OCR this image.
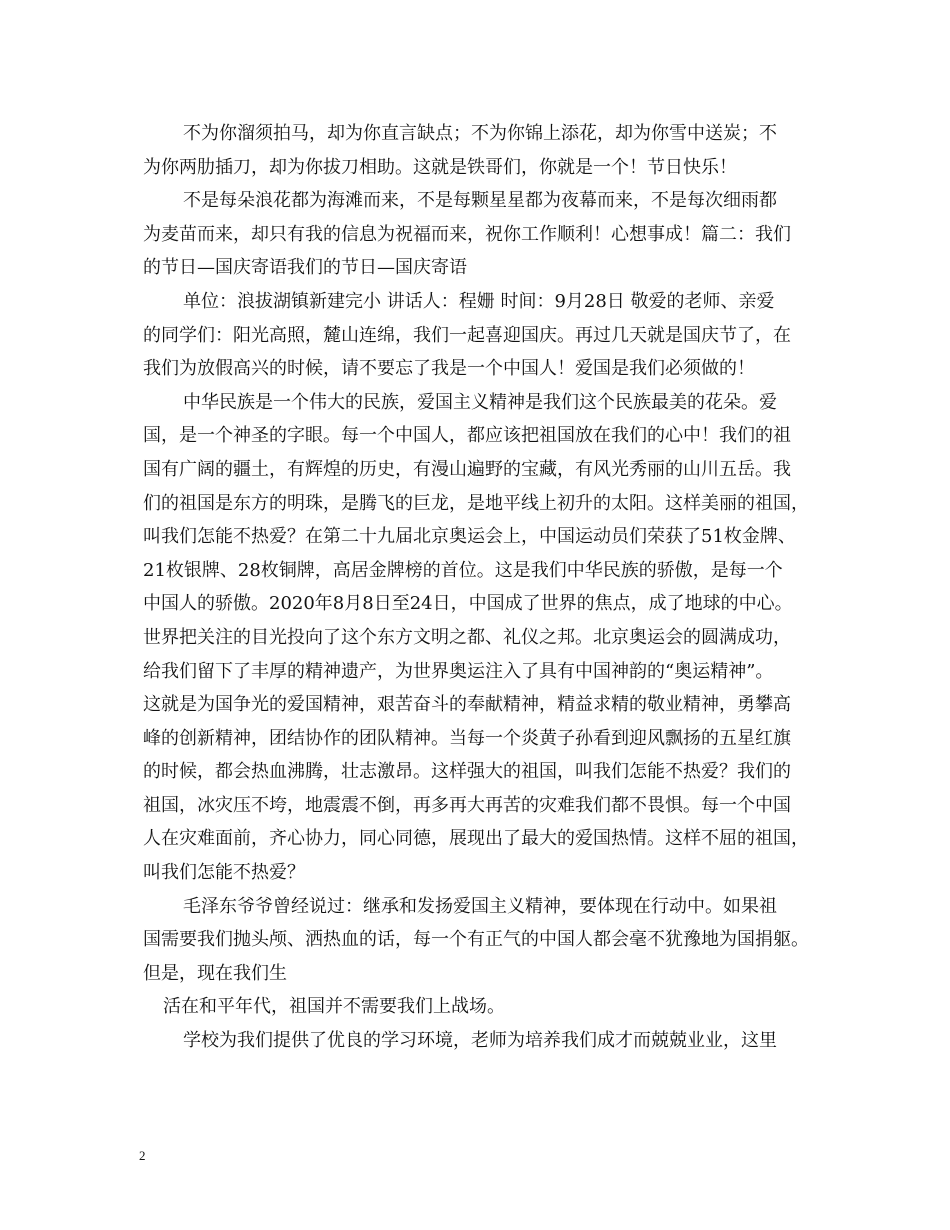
不为你溜须拍马，却为你直言缺点；不为你锦上添花，却为你雪中送炭；不
为你两肋插刀，却为你拔刀相助。这就是铁哥们，你就是一个！节日快乐！
不是每朵浪花都为海滩而来，不是每颗星星都为夜幕而来，不是每次细雨都
为麦苗而来，却只有我的信息为祝福而来，祝你工作顺利！心想事成！篇二：我们
的节日—国庆寄语我们的节日—国庆寄语
单位：浪拔湖镇新建完小 讲话人：程姗 时间：9月28日 敬爱的老师、亲爱
的同学们：阳光高照，麓山连绵，我们一起喜迎国庆。再过几天就是国庆节了，在
我们为放假高兴的时候，请不要忘了我是一个中国人！爱国是我们必须做的！
中华民族是一个伟大的民族，爱国主义精神是我们这个民族最美的花朵。爱
国，是一个神圣的字眼。每一个中国人，都应该把祖国放在我们的心中！我们的祖
国有广阔的疆土，有辉煌的历史，有漫山遍野的宝藏，有风光秀丽的山川五岳。我
们的祖国是东方的明珠，是腾飞的巨龙，是地平线上初升的太阳。这样美丽的祖国，
叫我们怎能不热爱？在第二十九届北京奥运会上，中国运动员们荣获了51枚金牌、
21枚银牌、28枚铜牌，高居金牌榜的首位。这是我们中华民族的骄傲，是每一个
中国人的骄傲。2020年8月8日至24日，中国成了世界的焦点，成了地球的中心。
世界把关注的目光投向了这个东方文明之都、礼仪之邦。北京奥运会的圆满成功，
给我们留下了丰厚的精神遗产，为世界奥运注入了具有中国神韵的“奥运精神”。
这就是为国争光的爱国精神，艰苦奋斗的奉献精神，精益求精的敬业精神，勇攀高
峰的创新精神，团结协作的团队精神。当每一个炎黄子孙看到迎风飘扬的五星红旗
的时候，都会热血沸腾，壮志激昂。这样强大的祖国，叫我们怎能不热爱？我们的
祖国，冰灾压不垮，地震震不倒，再多再大再苦的灾难我们都不畏惧。每一个中国
人在灾难面前，齐心协力，同心同德，展现出了最大的爱国热情。这样不屈的祖国，
叫我们怎能不热爱？
毛泽东爷爷曾经说过：继承和发扬爱国主义精神，要体现在行动中。如果祖
国需要我们抛头颅、洒热血的话，每一个有正气的中国人都会毫不犹豫地为国捐躯。
但是，现在我们生
活在和平年代，祖国并不需要我们上战场。
学校为我们提供了优良的学习环境，老师为培养我们成才而兢兢业业，这里
2
